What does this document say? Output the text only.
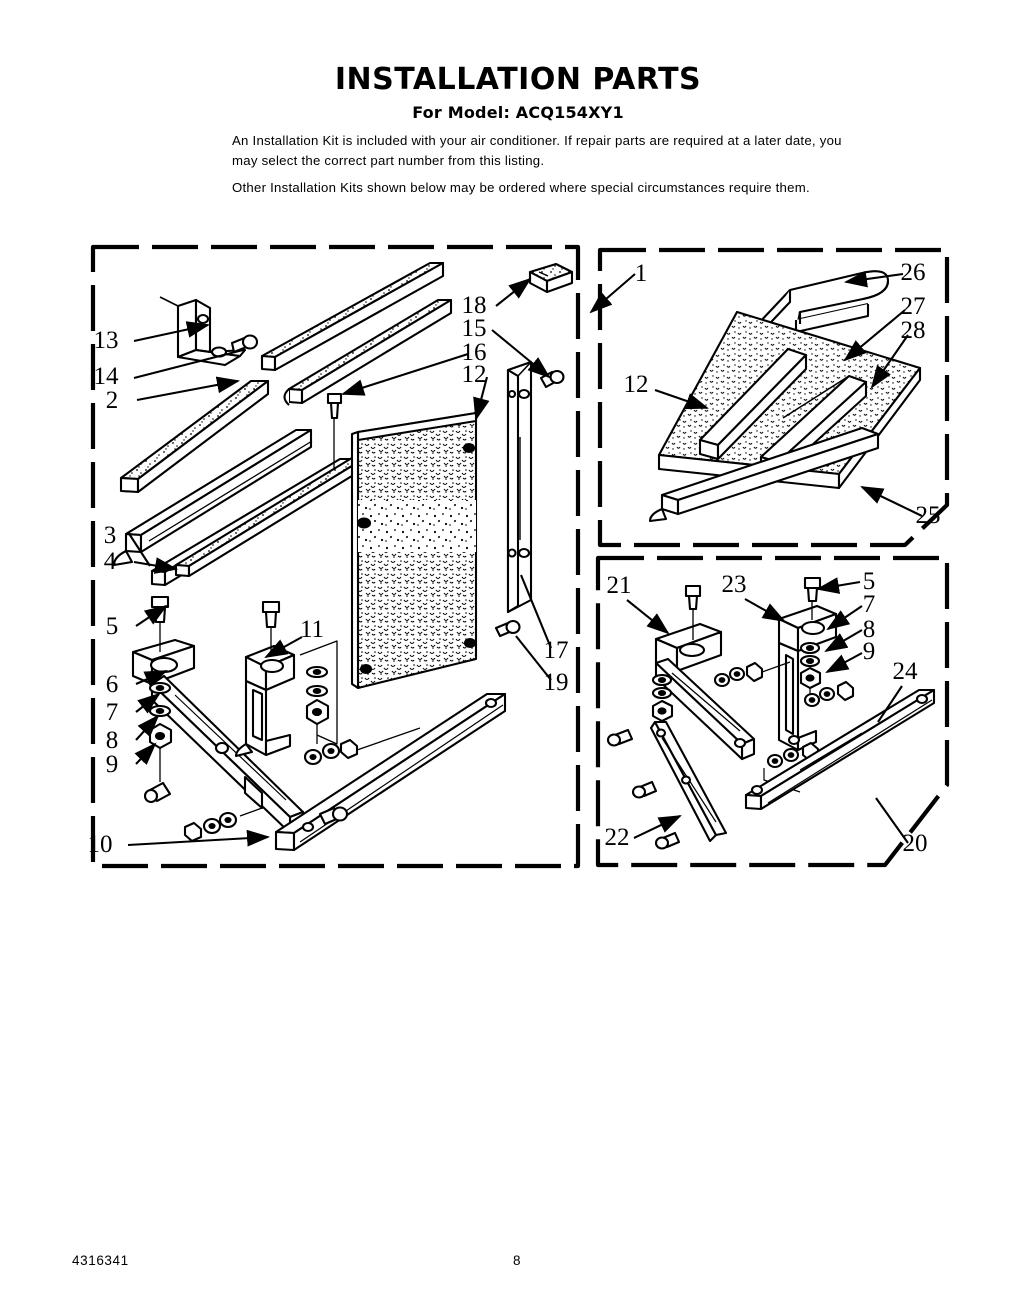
INSTALLATION PARTS
For Model: ACQ154XY1

An Installation Kit is included with your air conditioner. If repair parts are required at a later date, you may select the correct part number from this listing.

Other Installation Kits shown below may be ordered where special circumstances require them.

4316341	8
13
14
2
3
4
5
6
7
8
9
10
11
18
15
16
12
17
19
1	26
27
28
12
25
21	23	5
7
8
9
24
22	20
